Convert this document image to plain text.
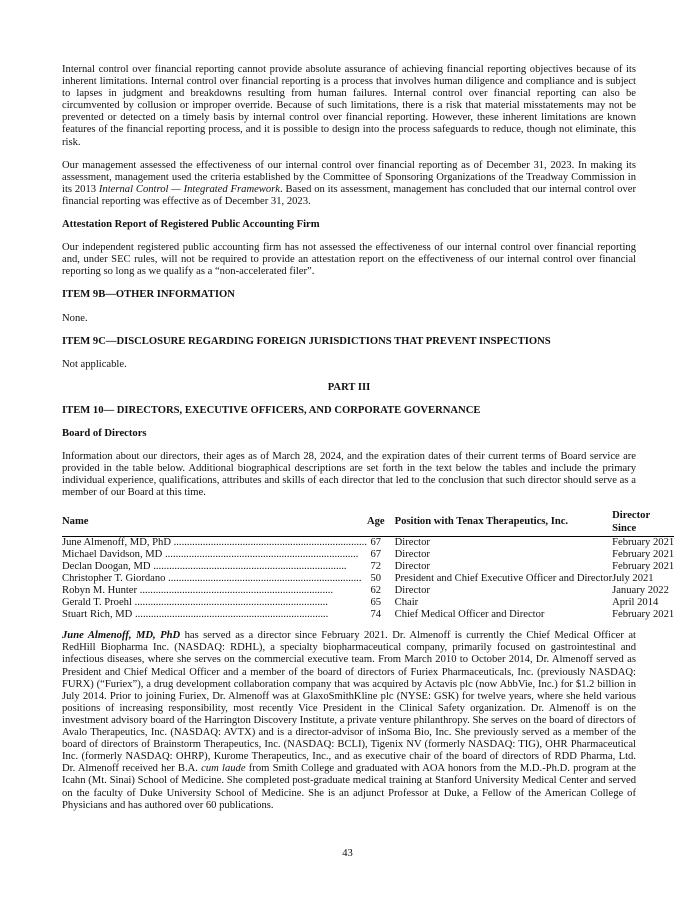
Internal control over financial reporting cannot provide absolute assurance of achieving financial reporting objectives because of its inherent limitations. Internal control over financial reporting is a process that involves human diligence and compliance and is subject to lapses in judgment and breakdowns resulting from human failures. Internal control over financial reporting can also be circumvented by collusion or improper override. Because of such limitations, there is a risk that material misstatements may not be prevented or detected on a timely basis by internal control over financial reporting. However, these inherent limitations are known features of the financial reporting process, and it is possible to design into the process safeguards to reduce, though not eliminate, this risk.

Our management assessed the effectiveness of our internal control over financial reporting as of December 31, 2023. In making its assessment, management used the criteria established by the Committee of Sponsoring Organizations of the Treadway Commission in its 2013 Internal Control — Integrated Framework. Based on its assessment, management has concluded that our internal control over financial reporting was effective as of December 31, 2023.

Attestation Report of Registered Public Accounting Firm

Our independent registered public accounting firm has not assessed the effectiveness of our internal control over financial reporting and, under SEC rules, will not be required to provide an attestation report on the effectiveness of our internal control over financial reporting so long as we qualify as a “non-accelerated filer”.

ITEM 9B—OTHER INFORMATION

None.

ITEM 9C—DISCLOSURE REGARDING FOREIGN JURISDICTIONS THAT PREVENT INSPECTIONS

Not applicable.

PART III
ITEM 10— DIRECTORS, EXECUTIVE OFFICERS, AND CORPORATE GOVERNANCE
Board of Directors

Information about our directors, their ages as of March 28, 2024, and the expiration dates of their current terms of Board service are provided in the table below. Additional biographical descriptions are set forth in the text below the tables and include the primary individual experience, qualifications, attributes and skills of each director that led to the conclusion that such director should serve as a member of our Board at this time.

Name	Age	Position with Tenax Therapeutics, Inc.	Director Since
June Almenoff, MD, PhD .....	67	Director	February 2021
Michael Davidson, MD .....	67	Director	February 2021
Declan Doogan, MD .....	72	Director	February 2021
Christopher T. Giordano .....	50	President and Chief Executive Officer and Director	July 2021
Robyn M. Hunter .....	62	Director	January 2022
Gerald T. Proehl .....	65	Chair	April 2014
Stuart Rich, MD .....	74	Chief Medical Officer and Director	February 2021

June Almenoff, MD, PhD has served as a director since February 2021. Dr. Almenoff is currently the Chief Medical Officer at RedHill Biopharma Inc. (NASDAQ: RDHL), a specialty biopharmaceutical company, primarily focused on gastrointestinal and infectious diseases, where she serves on the commercial executive team. From March 2010 to October 2014, Dr. Almenoff served as President and Chief Medical Officer and a member of the board of directors of Furiex Pharmaceuticals, Inc. (previously NASDAQ: FURX) (“Furiex”), a drug development collaboration company that was acquired by Actavis plc (now AbbVie, Inc.) for $1.2 billion in July 2014. Prior to joining Furiex, Dr. Almenoff was at GlaxoSmithKline plc (NYSE: GSK) for twelve years, where she held various positions of increasing responsibility, most recently Vice President in the Clinical Safety organization. Dr. Almenoff is on the investment advisory board of the Harrington Discovery Institute, a private venture philanthropy. She serves on the board of directors of Avalo Therapeutics, Inc. (NASDAQ: AVTX) and is a director-advisor of inSoma Bio, Inc. She previously served as a member of the board of directors of Brainstorm Therapeutics, Inc. (NASDAQ: BCLI), Tigenix NV (formerly NASDAQ: TIG), OHR Pharmaceutical Inc. (formerly NASDAQ: OHRP), Kurome Therapeutics, Inc., and as executive chair of the board of directors of RDD Pharma, Ltd. Dr. Almenoff received her B.A. cum laude from Smith College and graduated with AOA honors from the M.D.-Ph.D. program at the Icahn (Mt. Sinai) School of Medicine. She completed post-graduate medical training at Stanford University Medical Center and served on the faculty of Duke University School of Medicine. She is an adjunct Professor at Duke, a Fellow of the American College of Physicians and has authored over 60 publications.

43
